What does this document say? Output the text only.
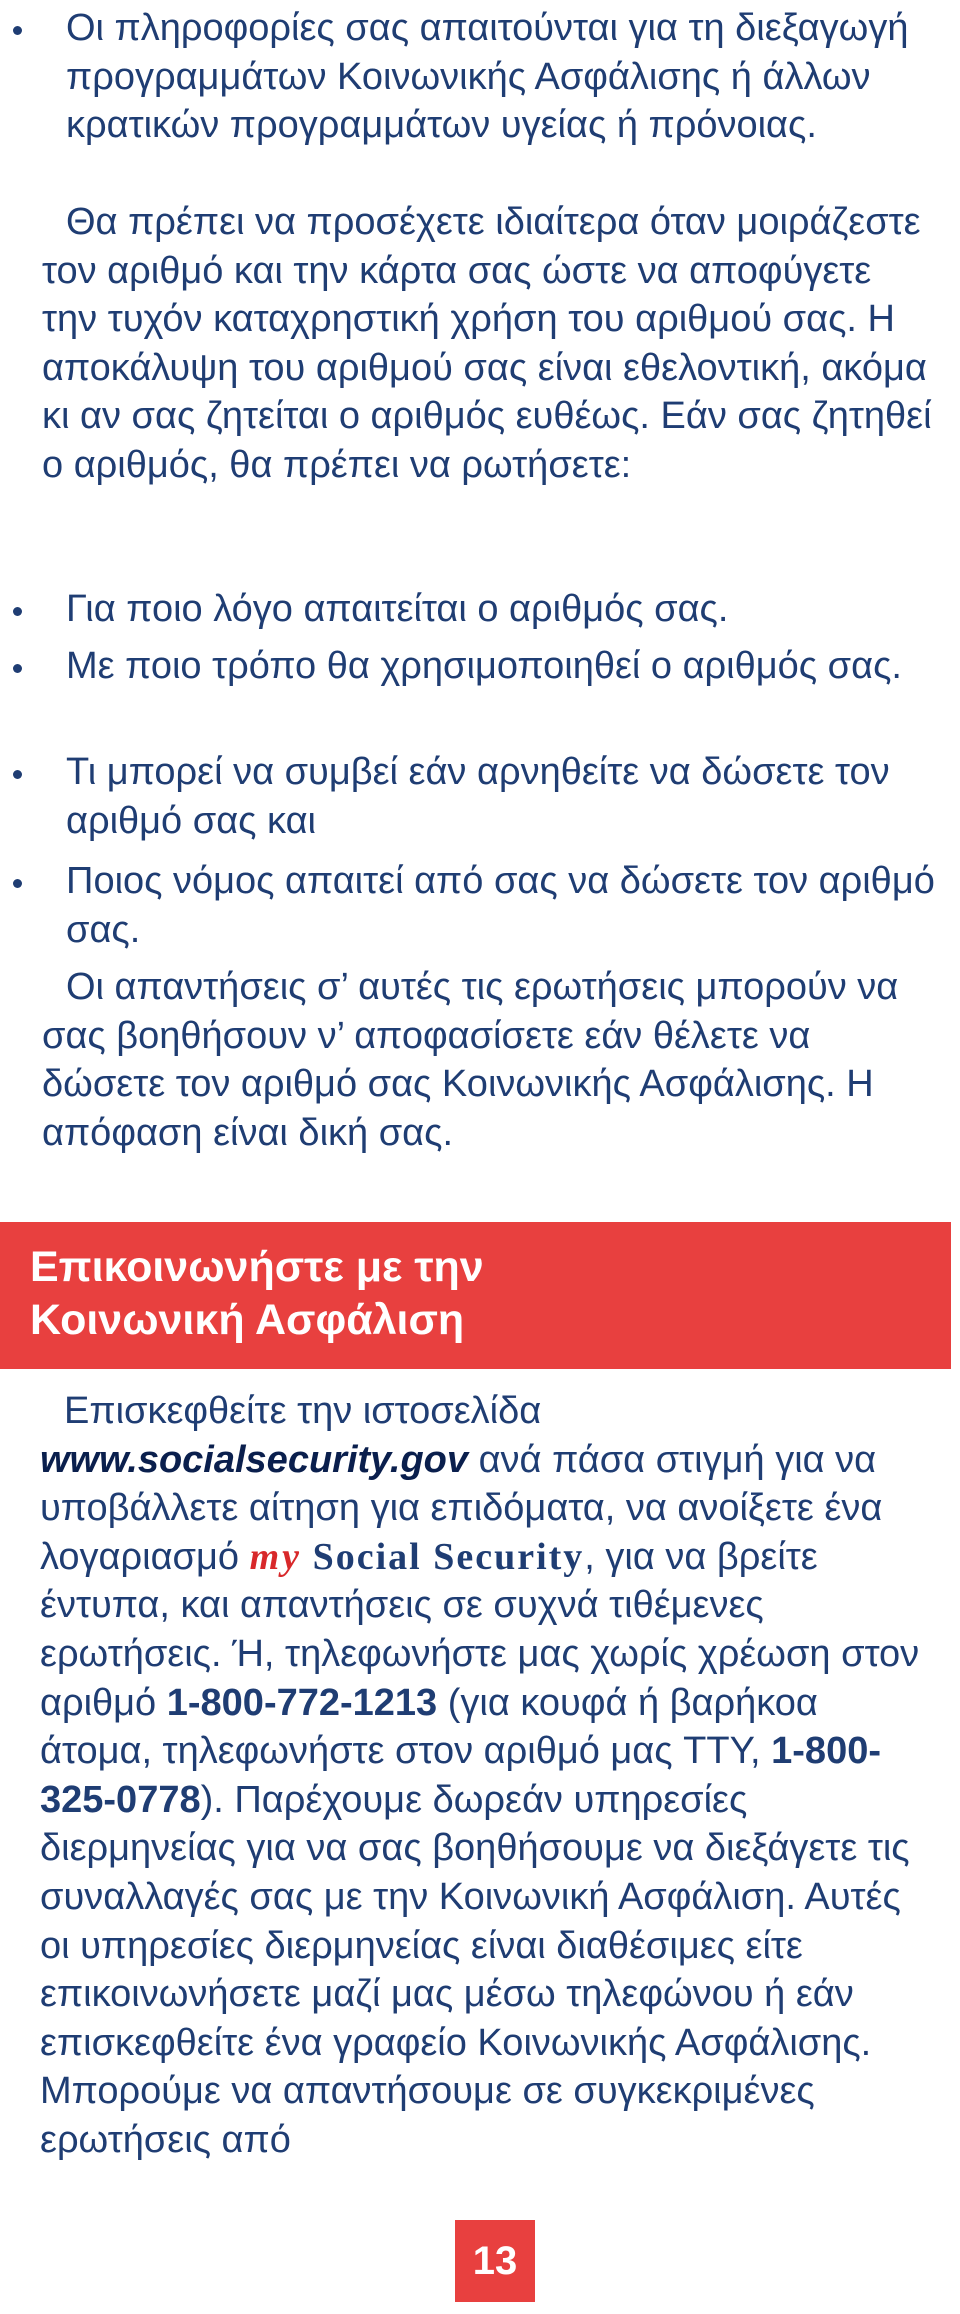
Οι πληροφορίες σας απαιτούνται για τη διεξαγωγή προγραμμάτων Κοινωνικής Ασφάλισης ή άλλων κρατικών προγραμμάτων υγείας ή πρόνοιας.

Θα πρέπει να προσέχετε ιδιαίτερα όταν μοιράζεστε τον αριθμό και την κάρτα σας ώστε να αποφύγετε την τυχόν καταχρηστική χρήση του αριθμού σας. Η αποκάλυψη του αριθμού σας είναι εθελοντική, ακόμα κι αν σας ζητείται ο αριθμός ευθέως. Εάν σας ζητηθεί ο αριθμός, θα πρέπει να ρωτήσετε:

Για ποιο λόγο απαιτείται ο αριθμός σας.

Με ποιο τρόπο θα χρησιμοποιηθεί ο αριθμός σας.

Τι μπορεί να συμβεί εάν αρνηθείτε να δώσετε τον αριθμό σας και

Ποιος νόμος απαιτεί από σας να δώσετε τον αριθμό σας.

Οι απαντήσεις σ’ αυτές τις ερωτήσεις μπορούν να σας βοηθήσουν ν’ αποφασίσετε εάν θέλετε να δώσετε τον αριθμό σας Κοινωνικής Ασφάλισης. Η απόφαση είναι δική σας.

Επικοινωνήστε με την
Κοινωνική Ασφάλιση

Επισκεφθείτε την ιστοσελίδα www.socialsecurity.gov ανά πάσα στιγμή για να υποβάλλετε αίτηση για επιδόματα, να ανοίξετε ένα λογαριασμό my Social Security, για να βρείτε έντυπα, και απαντήσεις σε συχνά τιθέμενες ερωτήσεις. Ή, τηλεφωνήστε μας χωρίς χρέωση στον αριθμό 1-800-772-1213 (για κουφά ή βαρήκοα άτομα, τηλεφωνήστε στον αριθμό μας TTY, 1-800-325-0778). Παρέχουμε δωρεάν υπηρεσίες διερμηνείας για να σας βοηθήσουμε να διεξάγετε τις συναλλαγές σας με την Κοινωνική Ασφάλιση. Αυτές οι υπηρεσίες διερμηνείας είναι διαθέσιμες είτε επικοινωνήσετε μαζί μας μέσω τηλεφώνου ή εάν επισκεφθείτε ένα γραφείο Κοινωνικής Ασφάλισης. Μπορούμε να απαντήσουμε σε συγκεκριμένες ερωτήσεις από

13
